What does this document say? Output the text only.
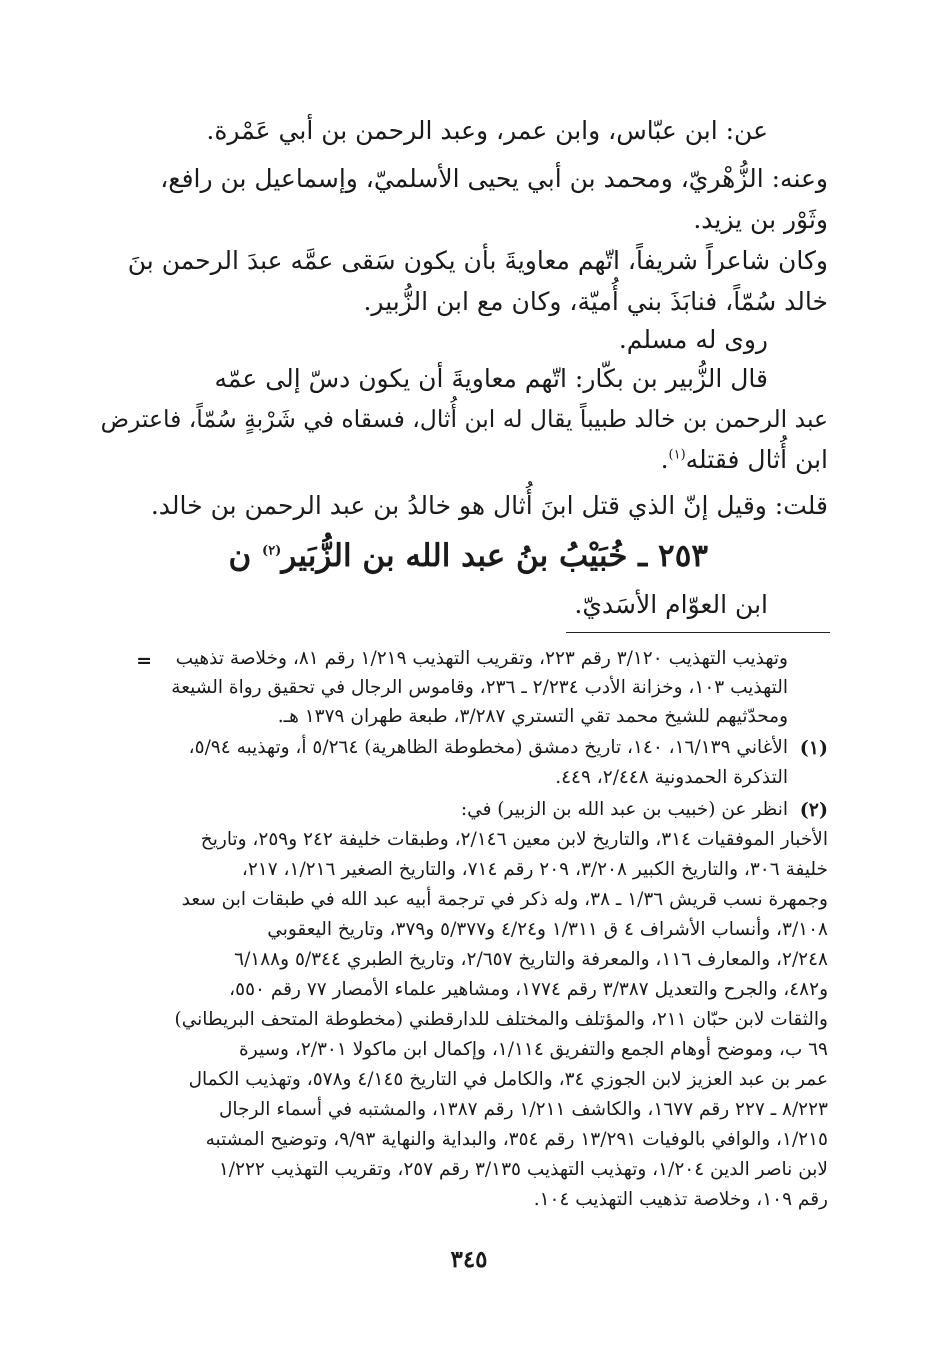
عن: ابن عبّاس، وابن عمر، وعبد الرحمن بن أبي عَمْرة.
وعنه: الزُّهْريّ، ومحمد بن أبي يحيى الأسلميّ، وإسماعيل بن رافع،
وثَوْر بن يزيد.
وكان شاعراً شريفاً، اتّهم معاويةَ بأن يكون سَقى عمَّه عبدَ الرحمن بنَ
خالد سُمّاً، فنابَذَ بني أُميّة، وكان مع ابن الزُّبير.
روى له مسلم.
قال الزُّبير بن بكّار: اتّهم معاويةَ أن يكون دسّ إلى عمّه
عبد الرحمن بن خالد طبيباً يقال له ابن أُثال، فسقاه في شَرْبةٍ سُمّاً، فاعترض
ابن أُثال فقتله$^{(١)}$.
قلت: وقيل إنّ الذي قتل ابنَ أُثال هو خالدُ بن عبد الرحمن بن خالد.
٢٥٣ ـ خُبَيْبُ بنُ عبد الله بن الزُّبَير$^{(٢)}$ ن
ابن العوّام الأسَديّ.
= وتهذيب التهذيب ٣/١٢٠ رقم ٢٢٣، وتقريب التهذيب ١/٢١٩ رقم ٨١، وخلاصة تذهيب
التهذيب ١٠٣، وخزانة الأدب ٢/٢٣٤ ـ ٢٣٦، وقاموس الرجال في تحقيق رواة الشيعة
ومحدّثيهم للشيخ محمد تقي التستري ٣/٢٨٧، طبعة طهران ١٣٧٩ هـ.
(١)
الأغاني ١٦/١٣٩، ١٤٠، تاريخ دمشق (مخطوطة الظاهرية) ٥/٢٦٤ أ، وتهذيبه ٥/٩٤،
التذكرة الحمدونية ٢/٤٤٨، ٤٤٩.
(٢)
انظر عن (خبيب بن عبد الله بن الزبير) في:
الأخبار الموفقيات ٣١٤، والتاريخ لابن معين ٢/١٤٦، وطبقات خليفة ٢٤٢ و٢٥٩، وتاريخ
خليفة ٣٠٦، والتاريخ الكبير ٣/٢٠٨، ٢٠٩ رقم ٧١٤، والتاريخ الصغير ١/٢١٦، ٢١٧،
وجمهرة نسب قريش ١/٣٦ ـ ٣٨، وله ذكر في ترجمة أبيه عبد الله في طبقات ابن سعد
٣/١٠٨، وأنساب الأشراف ٤ ق ١/٣١١ و٤/٢٤ و٥/٣٧٧ و٣٧٩، وتاريخ اليعقوبي
٢/٢٤٨، والمعارف ١١٦، والمعرفة والتاريخ ٢/٦٥٧، وتاريخ الطبري ٥/٣٤٤ و٦/١٨٨
و٤٨٢، والجرح والتعديل ٣/٣٨٧ رقم ١٧٧٤، ومشاهير علماء الأمصار ٧٧ رقم ٥٥٠،
والثقات لابن حبّان ٢١١، والمؤتلف والمختلف للدارقطني (مخطوطة المتحف البريطاني)
٦٩ ب، وموضح أوهام الجمع والتفريق ١/١١٤، وإكمال ابن ماكولا ٢/٣٠١، وسيرة
عمر بن عبد العزيز لابن الجوزي ٣٤، والكامل في التاريخ ٤/١٤٥ و٥٧٨، وتهذيب الكمال
٨/٢٢٣ ـ ٢٢٧ رقم ١٦٧٧، والكاشف ١/٢١١ رقم ١٣٨٧، والمشتبه في أسماء الرجال
١/٢١٥، والوافي بالوفيات ١٣/٢٩١ رقم ٣٥٤، والبداية والنهاية ٩/٩٣، وتوضيح المشتبه
لابن ناصر الدين ١/٢٠٤، وتهذيب التهذيب ٣/١٣٥ رقم ٢٥٧، وتقريب التهذيب ١/٢٢٢
رقم ١٠٩، وخلاصة تذهيب التهذيب ١٠٤.
٣٤٥
